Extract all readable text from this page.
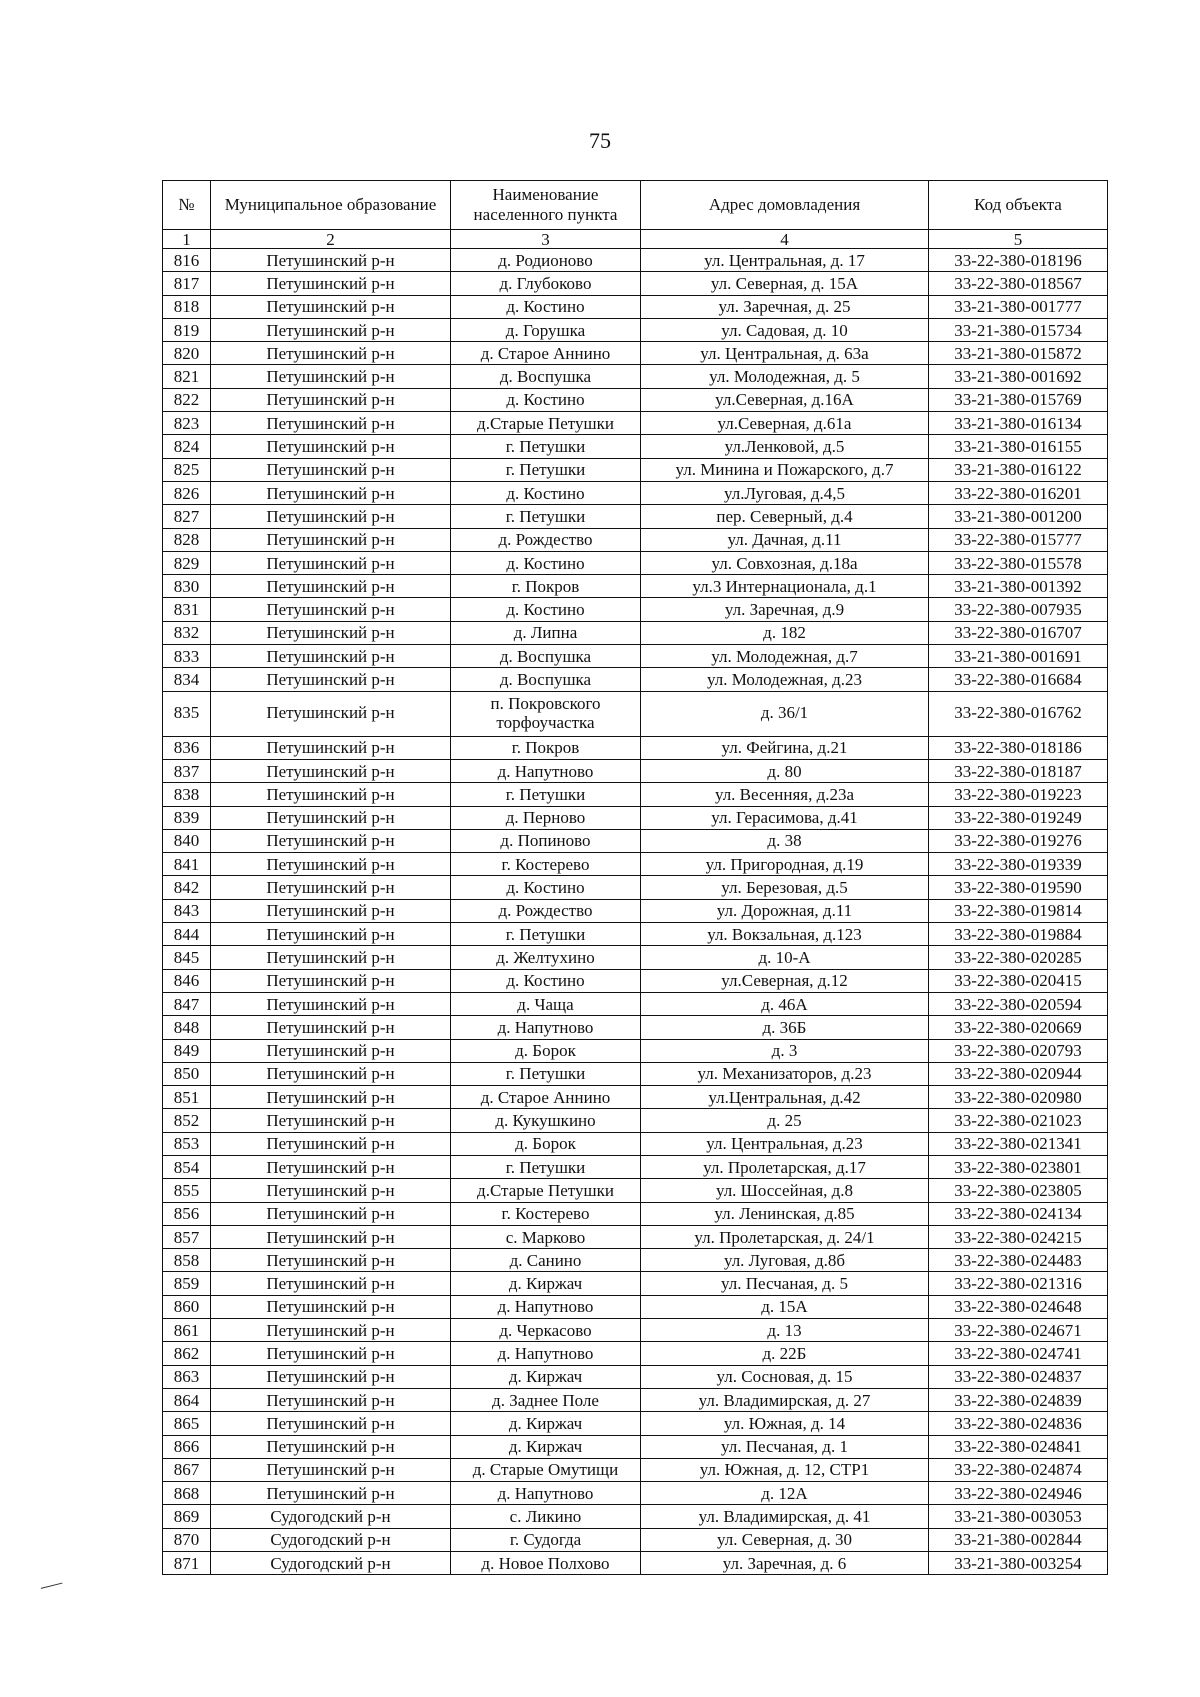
75
№	Муниципальное образование	Наименование населенного пункта	Адрес домовладения	Код объекта
1	2	3	4	5
816	Петушинский р-н	д. Родионово	ул. Центральная, д. 17	33-22-380-018196
817	Петушинский р-н	д. Глубоково	ул. Северная, д. 15А	33-22-380-018567
818	Петушинский р-н	д. Костино	ул. Заречная, д. 25	33-21-380-001777
819	Петушинский р-н	д. Горушка	ул. Садовая, д. 10	33-21-380-015734
820	Петушинский р-н	д. Старое Аннино	ул. Центральная, д. 63а	33-21-380-015872
821	Петушинский р-н	д. Воспушка	ул. Молодежная, д. 5	33-21-380-001692
822	Петушинский р-н	д. Костино	ул.Северная, д.16А	33-21-380-015769
823	Петушинский р-н	д.Старые Петушки	ул.Северная, д.61а	33-21-380-016134
824	Петушинский р-н	г. Петушки	ул.Ленковой, д.5	33-21-380-016155
825	Петушинский р-н	г. Петушки	ул. Минина и Пожарского, д.7	33-21-380-016122
826	Петушинский р-н	д. Костино	ул.Луговая, д.4,5	33-22-380-016201
827	Петушинский р-н	г. Петушки	пер. Северный, д.4	33-21-380-001200
828	Петушинский р-н	д. Рождество	ул. Дачная, д.11	33-22-380-015777
829	Петушинский р-н	д. Костино	ул. Совхозная, д.18а	33-22-380-015578
830	Петушинский р-н	г. Покров	ул.3 Интернационала, д.1	33-21-380-001392
831	Петушинский р-н	д. Костино	ул. Заречная, д.9	33-22-380-007935
832	Петушинский р-н	д. Липна	д. 182	33-22-380-016707
833	Петушинский р-н	д. Воспушка	ул. Молодежная, д.7	33-21-380-001691
834	Петушинский р-н	д. Воспушка	ул. Молодежная, д.23	33-22-380-016684
835	Петушинский р-н	п. Покровского торфоучастка	д. 36/1	33-22-380-016762
836	Петушинский р-н	г. Покров	ул. Фейгина, д.21	33-22-380-018186
837	Петушинский р-н	д. Напутново	д. 80	33-22-380-018187
838	Петушинский р-н	г. Петушки	ул. Весенняя, д.23а	33-22-380-019223
839	Петушинский р-н	д. Перново	ул. Герасимова, д.41	33-22-380-019249
840	Петушинский р-н	д. Попиново	д. 38	33-22-380-019276
841	Петушинский р-н	г. Костерево	ул. Пригородная, д.19	33-22-380-019339
842	Петушинский р-н	д. Костино	ул. Березовая, д.5	33-22-380-019590
843	Петушинский р-н	д. Рождество	ул. Дорожная, д.11	33-22-380-019814
844	Петушинский р-н	г. Петушки	ул. Вокзальная, д.123	33-22-380-019884
845	Петушинский р-н	д. Желтухино	д. 10-А	33-22-380-020285
846	Петушинский р-н	д. Костино	ул.Северная, д.12	33-22-380-020415
847	Петушинский р-н	д. Чаща	д. 46А	33-22-380-020594
848	Петушинский р-н	д. Напутново	д. 36Б	33-22-380-020669
849	Петушинский р-н	д. Борок	д. 3	33-22-380-020793
850	Петушинский р-н	г. Петушки	ул. Механизаторов, д.23	33-22-380-020944
851	Петушинский р-н	д. Старое Аннино	ул.Центральная, д.42	33-22-380-020980
852	Петушинский р-н	д. Кукушкино	д. 25	33-22-380-021023
853	Петушинский р-н	д. Борок	ул. Центральная, д.23	33-22-380-021341
854	Петушинский р-н	г. Петушки	ул. Пролетарская, д.17	33-22-380-023801
855	Петушинский р-н	д.Старые Петушки	ул. Шоссейная, д.8	33-22-380-023805
856	Петушинский р-н	г. Костерево	ул. Ленинская, д.85	33-22-380-024134
857	Петушинский р-н	с. Марково	ул. Пролетарская, д. 24/1	33-22-380-024215
858	Петушинский р-н	д. Санино	ул. Луговая, д.8б	33-22-380-024483
859	Петушинский р-н	д. Киржач	ул. Песчаная, д. 5	33-22-380-021316
860	Петушинский р-н	д. Напутново	д. 15А	33-22-380-024648
861	Петушинский р-н	д. Черкасово	д. 13	33-22-380-024671
862	Петушинский р-н	д. Напутново	д. 22Б	33-22-380-024741
863	Петушинский р-н	д. Киржач	ул. Сосновая, д. 15	33-22-380-024837
864	Петушинский р-н	д. Заднее Поле	ул. Владимирская, д. 27	33-22-380-024839
865	Петушинский р-н	д. Киржач	ул. Южная, д. 14	33-22-380-024836
866	Петушинский р-н	д. Киржач	ул. Песчаная, д. 1	33-22-380-024841
867	Петушинский р-н	д. Старые Омутищи	ул. Южная, д. 12, СТР1	33-22-380-024874
868	Петушинский р-н	д. Напутново	д. 12А	33-22-380-024946
869	Судогодский р-н	с. Ликино	ул. Владимирская, д. 41	33-21-380-003053
870	Судогодский р-н	г. Судогда	ул. Северная, д. 30	33-21-380-002844
871	Судогодский р-н	д. Новое Полхово	ул. Заречная, д. 6	33-21-380-003254
